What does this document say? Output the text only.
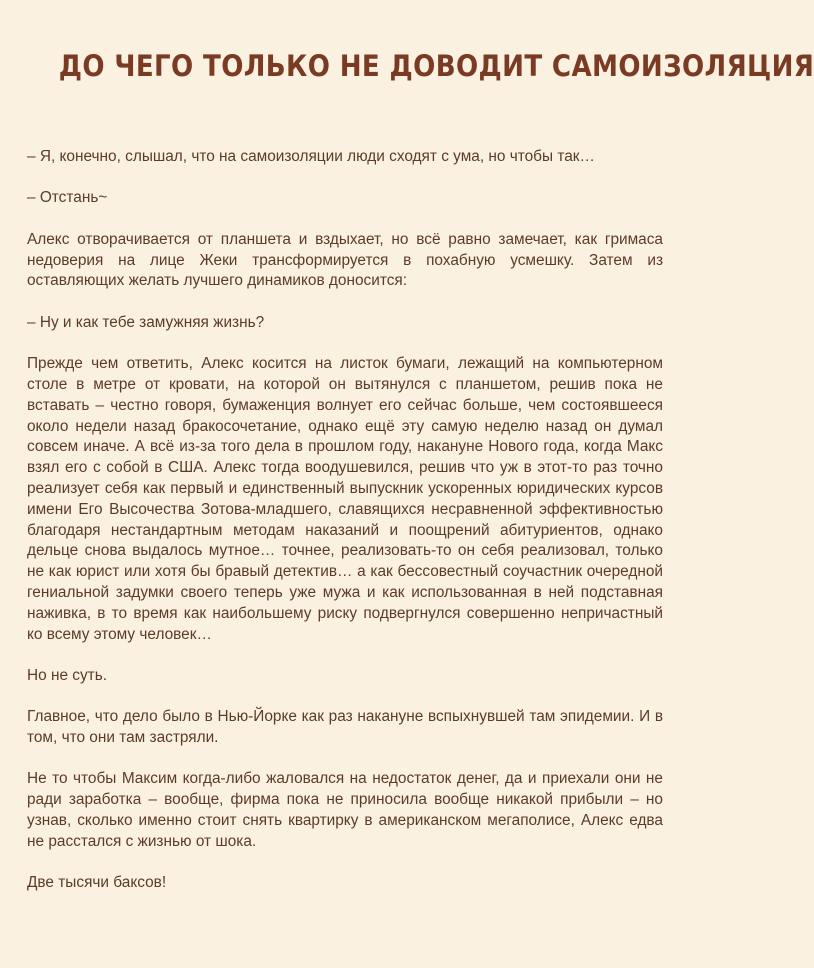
ДО ЧЕГО ТОЛЬКО НЕ ДОВОДИТ САМОИЗОЛЯЦИЯ

– Я, конечно, слышал, что на самоизоляции люди сходят с ума, но чтобы так…

– Отстань~

Алекс отворачивается от планшета и вздыхает, но всё равно замечает, как гримаса недоверия на лице Жеки трансформируется в похабную усмешку. Затем из оставляющих желать лучшего динамиков доносится:

– Ну и как тебе замужняя жизнь?

Прежде чем ответить, Алекс косится на листок бумаги, лежащий на компьютерном столе в метре от кровати, на которой он вытянулся с планшетом, решив пока не вставать – честно говоря, бумаженция волнует его сейчас больше, чем состоявшееся около недели назад бракосочетание, однако ещё эту самую неделю назад он думал совсем иначе. А всё из-за того дела в прошлом году, накануне Нового года, когда Макс взял его с собой в США. Алекс тогда воодушевился, решив что уж в этот-то раз точно реализует себя как первый и единственный выпускник ускоренных юридических курсов имени Его Высочества Зотова-младшего, славящихся несравненной эффективностью благодаря нестандартным методам наказаний и поощрений абитуриентов, однако дельце снова выдалось мутное… точнее, реализовать-то он себя реализовал, только не как юрист или хотя бы бравый детектив… а как бессовестный соучастник очередной гениальной задумки своего теперь уже мужа и как использованная в ней подставная наживка, в то время как наибольшему риску подвергнулся совершенно непричастный ко всему этому человек…

Но не суть.

Главное, что дело было в Нью-Йорке как раз накануне вспыхнувшей там эпидемии. И в том, что они там застряли.

Не то чтобы Максим когда-либо жаловался на недостаток денег, да и приехали они не ради заработка – вообще, фирма пока не приносила вообще никакой прибыли – но узнав, сколько именно стоит снять квартирку в американском мегаполисе, Алекс едва не расстался с жизнью от шока.

Две тысячи баксов!
